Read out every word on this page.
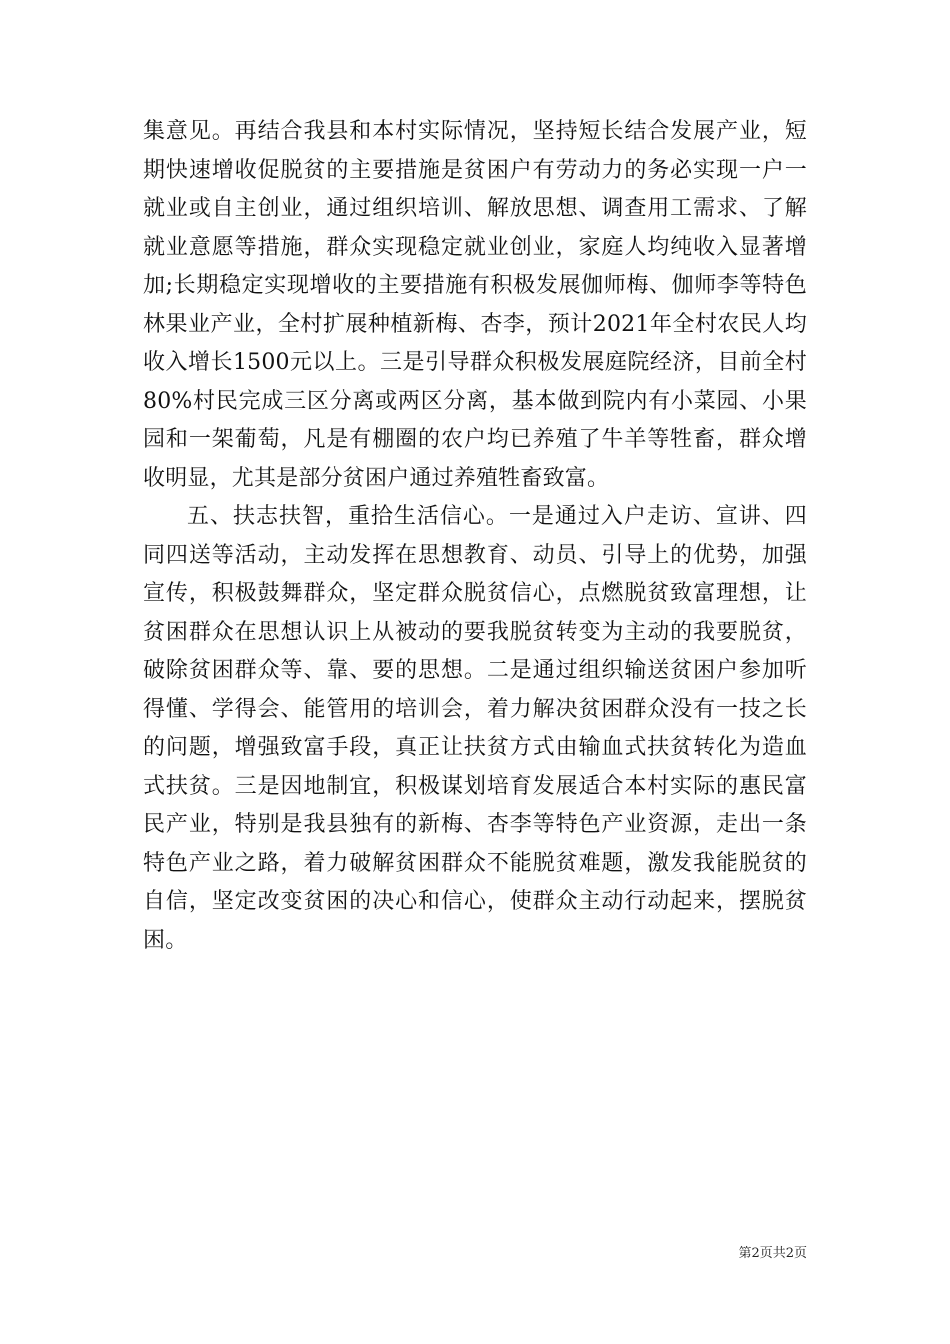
集意见。再结合我县和本村实际情况，坚持短长结合发展产业，短期快速增收促脱贫的主要措施是贫困户有劳动力的务必实现一户一就业或自主创业，通过组织培训、解放思想、调查用工需求、了解就业意愿等措施，群众实现稳定就业创业，家庭人均纯收入显著增加;长期稳定实现增收的主要措施有积极发展伽师梅、伽师李等特色林果业产业，全村扩展种植新梅、杏李，预计2021年全村农民人均收入增长1500元以上。三是引导群众积极发展庭院经济，目前全村80%村民完成三区分离或两区分离，基本做到院内有小菜园、小果园和一架葡萄，凡是有棚圈的农户均已养殖了牛羊等牲畜，群众增收明显，尤其是部分贫困户通过养殖牲畜致富。

五、扶志扶智，重拾生活信心。一是通过入户走访、宣讲、四同四送等活动，主动发挥在思想教育、动员、引导上的优势，加强宣传，积极鼓舞群众，坚定群众脱贫信心，点燃脱贫致富理想，让贫困群众在思想认识上从被动的要我脱贫转变为主动的我要脱贫，破除贫困群众等、靠、要的思想。二是通过组织输送贫困户参加听得懂、学得会、能管用的培训会，着力解决贫困群众没有一技之长的问题，增强致富手段，真正让扶贫方式由输血式扶贫转化为造血式扶贫。三是因地制宜，积极谋划培育发展适合本村实际的惠民富民产业，特别是我县独有的新梅、杏李等特色产业资源，走出一条特色产业之路，着力破解贫困群众不能脱贫难题，激发我能脱贫的自信，坚定改变贫困的决心和信心，使群众主动行动起来，摆脱贫困。

第2页共2页
